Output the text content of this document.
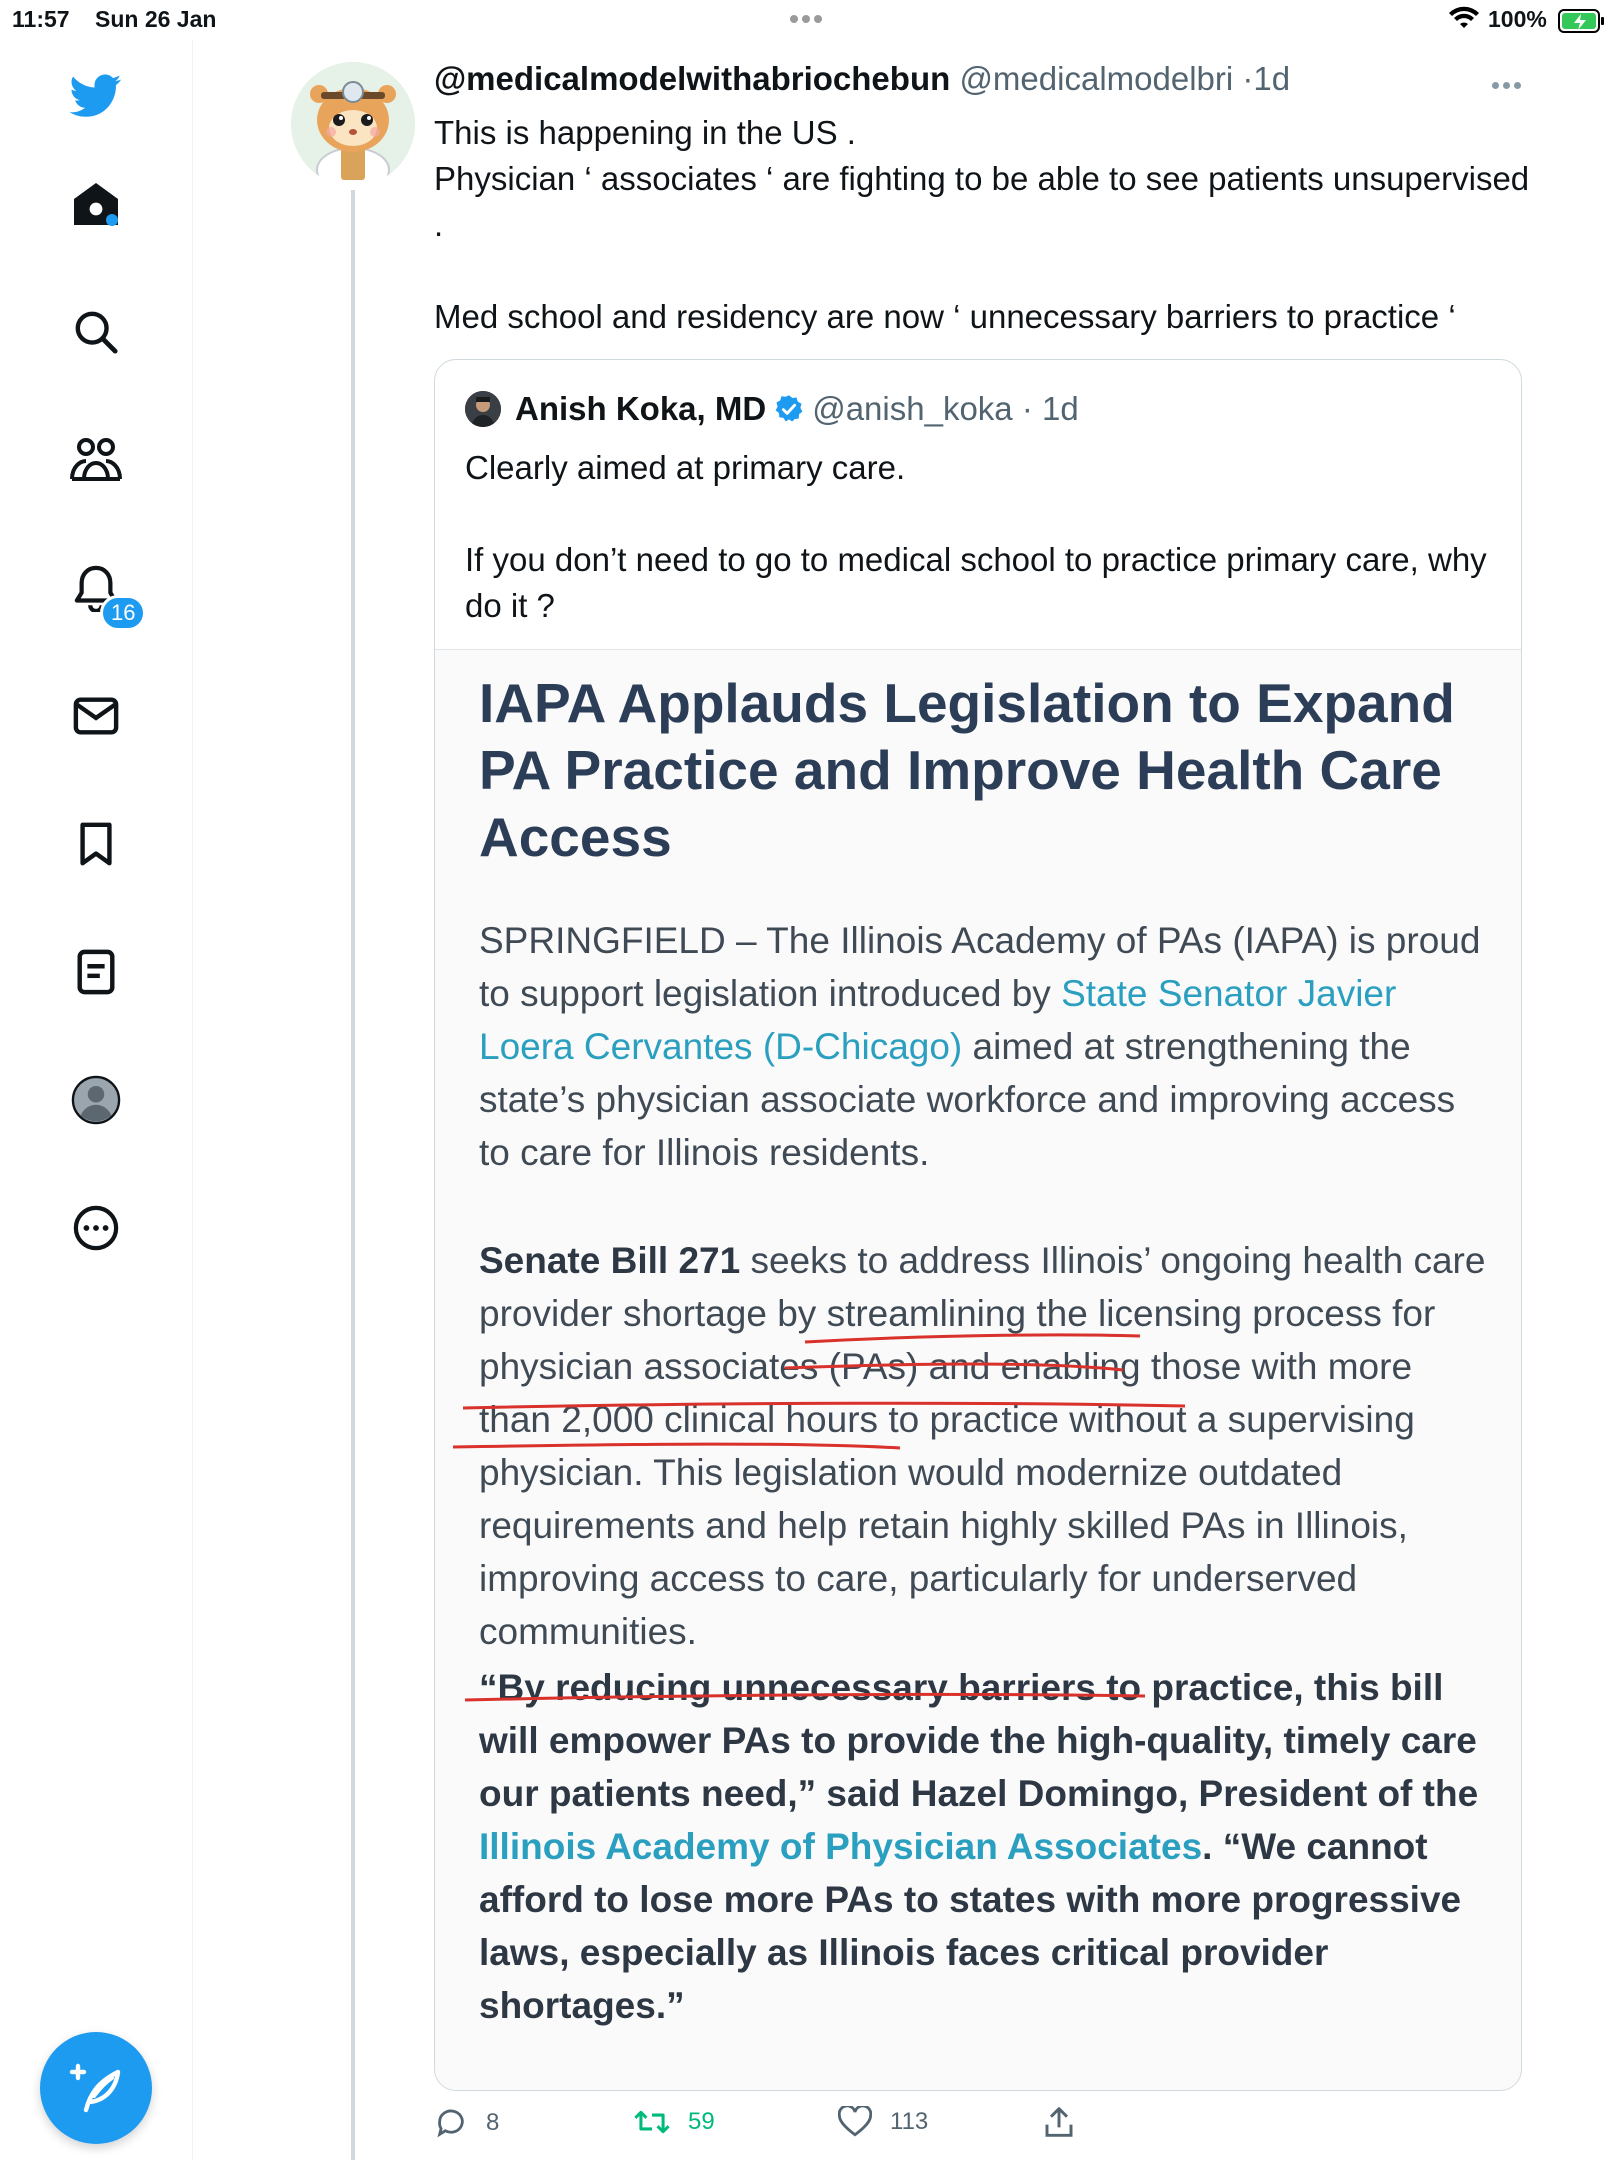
11:57 Sun 26 Jan	100%
16
@medicalmodelwithabriochebun @medicalmodelbri ·1d
This is happening in the US .
Physician ‘ associates ‘ are fighting to be able to see patients unsupervised .

Med school and residency are now ‘ unnecessary barriers to practice ‘
Anish Koka, MD @anish_koka · 1d
Clearly aimed at primary care.

If you don’t need to go to medical school to practice primary care, why do it ?
IAPA Applauds Legislation to Expand PA Practice and Improve Health Care Access
SPRINGFIELD – The Illinois Academy of PAs (IAPA) is proud to support legislation introduced by State Senator Javier Loera Cervantes (D-Chicago) aimed at strengthening the state’s physician associate workforce and improving access to care for Illinois residents.
Senate Bill 271 seeks to address Illinois’ ongoing health care provider shortage by streamlining the licensing process for physician associates (PAs) and enabling those with more than 2,000 clinical hours to practice without a supervising physician. This legislation would modernize outdated requirements and help retain highly skilled PAs in Illinois, improving access to care, particularly for underserved communities.
“By reducing unnecessary barriers to practice, this bill will empower PAs to provide the high-quality, timely care our patients need,” said Hazel Domingo, President of the Illinois Academy of Physician Associates. “We cannot afford to lose more PAs to states with more progressive laws, especially as Illinois faces critical provider shortages.”
8	59	113
